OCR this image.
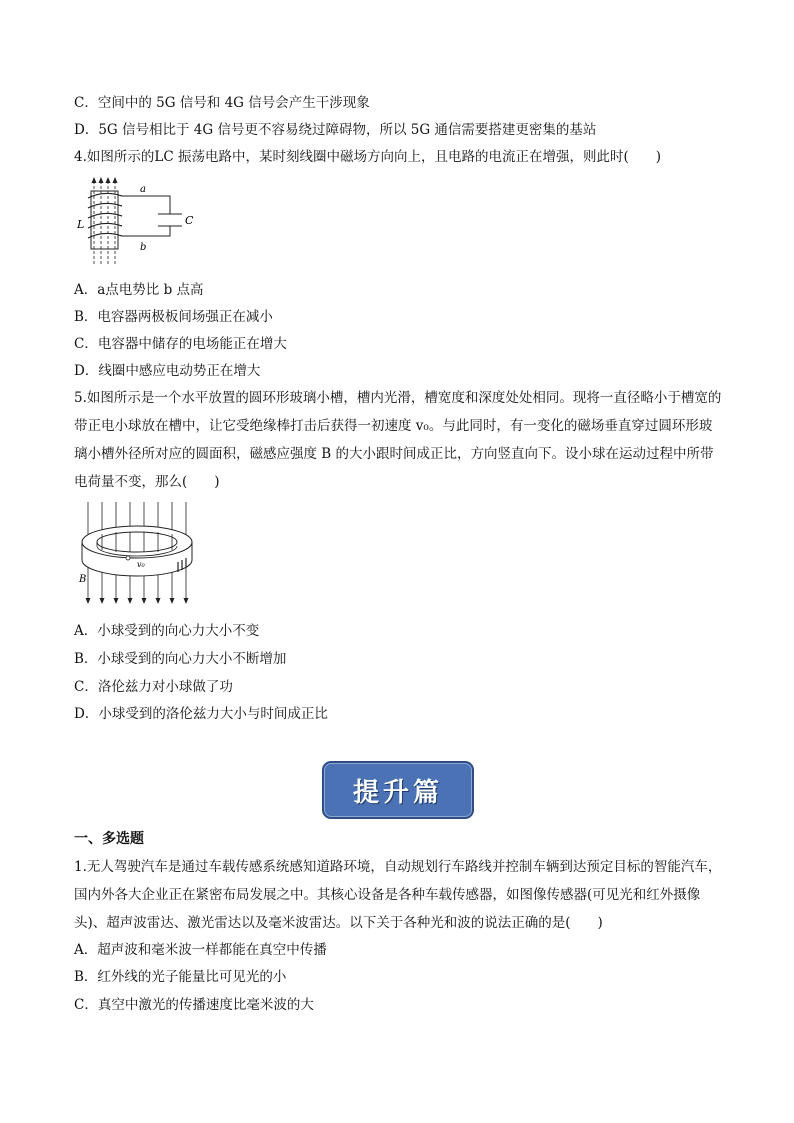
C．空间中的 5G 信号和 4G 信号会产生干涉现象
D．5G 信号相比于 4G 信号更不容易绕过障碍物，所以 5G 通信需要搭建更密集的基站
4.如图所示的LC 振荡电路中，某时刻线圈中磁场方向向上，且电路的电流正在增强，则此时(　　)
L
a
b
C
A．a点电势比 b 点高
B．电容器两极板间场强正在减小
C．电容器中储存的电场能正在增大
D．线圈中感应电动势正在增大
5.如图所示是一个水平放置的圆环形玻璃小槽，槽内光滑，槽宽度和深度处处相同。现将一直径略小于槽宽的带正电小球放在槽中，让它受绝缘棒打击后获得一初速度 v₀。与此同时，有一变化的磁场垂直穿过圆环形玻璃小槽外径所对应的圆面积，磁感应强度 B 的大小跟时间成正比，方向竖直向下。设小球在运动过程中所带电荷量不变，那么(　　)
v₀
B
A．小球受到的向心力大小不变
B．小球受到的向心力大小不断增加
C．洛伦兹力对小球做了功
D．小球受到的洛伦兹力大小与时间成正比
提升篇
一、多选题
1.无人驾驶汽车是通过车载传感系统感知道路环境，自动规划行车路线并控制车辆到达预定目标的智能汽车，国内外各大企业正在紧密布局发展之中。其核心设备是各种车载传感器，如图像传感器(可见光和红外摄像头)、超声波雷达、激光雷达以及毫米波雷达。以下关于各种光和波的说法正确的是(　　)
A．超声波和毫米波一样都能在真空中传播
B．红外线的光子能量比可见光的小
C．真空中激光的传播速度比毫米波的大
